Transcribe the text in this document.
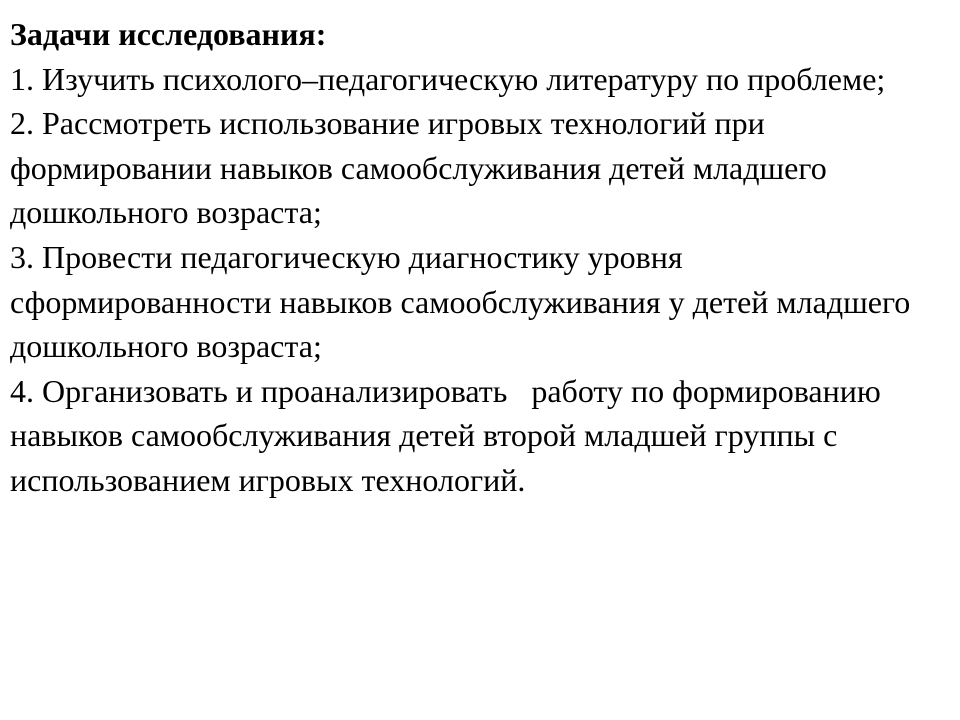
Задачи исследования:
1. Изучить психолого–педагогическую литературу по проблеме;
2. Рассмотреть использование игровых технологий при формировании навыков самообслуживания детей младшего дошкольного возраста;
3. Провести педагогическую диагностику уровня сформированности навыков самообслуживания у детей младшего дошкольного возраста;
4. Организовать и проанализировать   работу по формированию навыков самообслуживания детей второй младшей группы с использованием игровых технологий.
